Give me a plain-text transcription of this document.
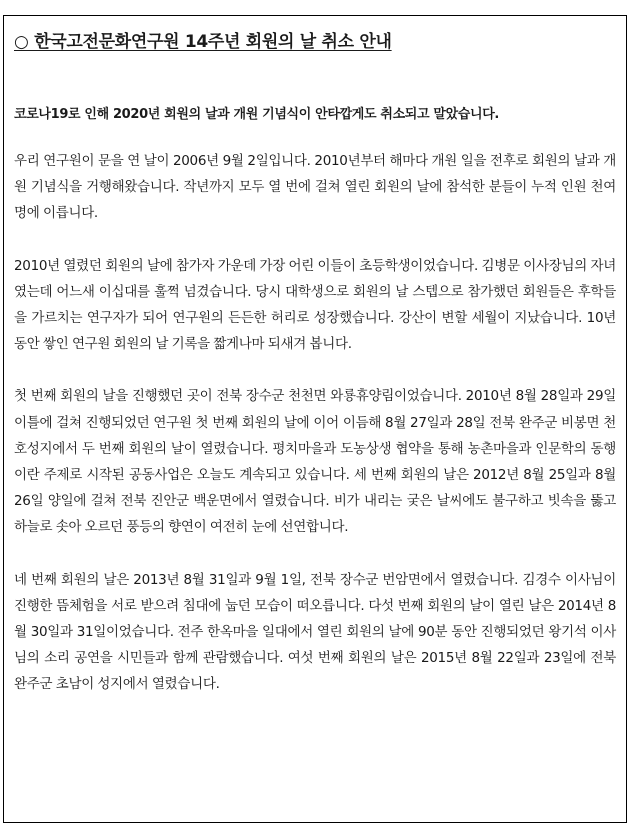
○ 한국고전문화연구원 14주년 회원의 날 취소 안내

코로나19로 인해 2020년 회원의 날과 개원 기념식이 안타깝게도 취소되고 말았습니다.

우리 연구원이 문을 연 날이 2006년 9월 2일입니다. 2010년부터 해마다 개원 일을 전후로 회원의 날과 개원 기념식을 거행해왔습니다. 작년까지 모두 열 번에 걸쳐 열린 회원의 날에 참석한 분들이 누적 인원 천여 명에 이릅니다.

2010년 열렸던 회원의 날에 참가자 가운데 가장 어린 이들이 초등학생이었습니다. 김병문 이사장님의 자녀였는데 어느새 이십대를 훌쩍 넘겼습니다. 당시 대학생으로 회원의 날 스텝으로 참가했던 회원들은 후학들을 가르치는 연구자가 되어 연구원의 든든한 허리로 성장했습니다. 강산이 변할 세월이 지났습니다. 10년 동안 쌓인 연구원 회원의 날 기록을 짧게나마 되새겨 봅니다.

첫 번째 회원의 날을 진행했던 곳이 전북 장수군 천천면 와룡휴양림이었습니다. 2010년 8월 28일과 29일 이틀에 걸쳐 진행되었던 연구원 첫 번째 회원의 날에 이어 이듬해 8월 27일과 28일 전북 완주군 비봉면 천호성지에서 두 번째 회원의 날이 열렸습니다. 평치마을과 도농상생 협약을 통해 농촌마을과 인문학의 동행이란 주제로 시작된 공동사업은 오늘도 계속되고 있습니다. 세 번째 회원의 날은 2012년 8월 25일과 8월 26일 양일에 걸쳐 전북 진안군 백운면에서 열렸습니다. 비가 내리는 궂은 날씨에도 불구하고 빗속을 뚫고 하늘로 솟아 오르던 풍등의 향연이 여전히 눈에 선연합니다.

네 번째 회원의 날은 2013년 8월 31일과 9월 1일, 전북 장수군 번암면에서 열렸습니다. 김경수 이사님이 진행한 뜸체험을 서로 받으려 침대에 눕던 모습이 떠오릅니다. 다섯 번째 회원의 날이 열린 날은 2014년 8월 30일과 31일이었습니다. 전주 한옥마을 일대에서 열린 회원의 날에 90분 동안 진행되었던 왕기석 이사님의 소리 공연을 시민들과 함께 관람했습니다. 여섯 번째 회원의 날은 2015년 8월 22일과 23일에 전북 완주군 초남이 성지에서 열렸습니다.
